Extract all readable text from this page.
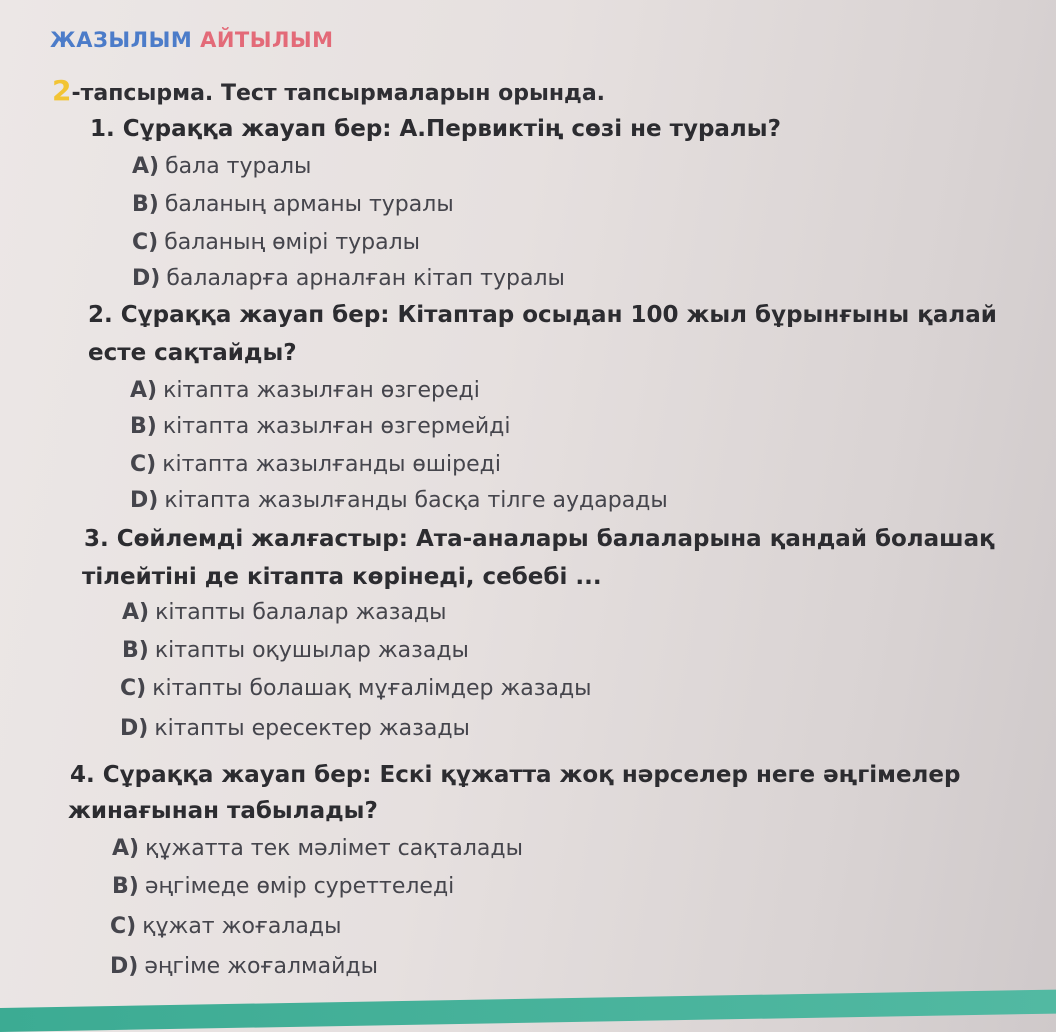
ЖАЗЫЛЫМ АЙТЫЛЫМ
2-тапсырма. Тест тапсырмаларын орында.
1. Сұраққа жауап бер: А.Первиктің сөзі не туралы?
A) бала туралы
B) баланың арманы туралы
C) баланың өмірі туралы
D) балаларға арналған кітап туралы
2. Сұраққа жауап бер: Кітаптар осыдан 100 жыл бұрынғыны қалай
есте сақтайды?
A) кітапта жазылған өзгереді
B) кітапта жазылған өзгермейді
C) кітапта жазылғанды өшіреді
D) кітапта жазылғанды басқа тілге аударады
3. Сөйлемді жалғастыр: Ата-аналары балаларына қандай болашақ
тілейтіні де кітапта көрінеді, себебі ...
A) кітапты балалар жазады
B) кітапты оқушылар жазады
C) кітапты болашақ мұғалімдер жазады
D) кітапты ересектер жазады
4. Сұраққа жауап бер: Ескі құжатта жоқ нәрселер неге әңгімелер
жинағынан табылады?
A) құжатта тек мәлімет сақталады
B) әңгімеде өмір суреттеледі
C) құжат жоғалады
D) әңгіме жоғалмайды
